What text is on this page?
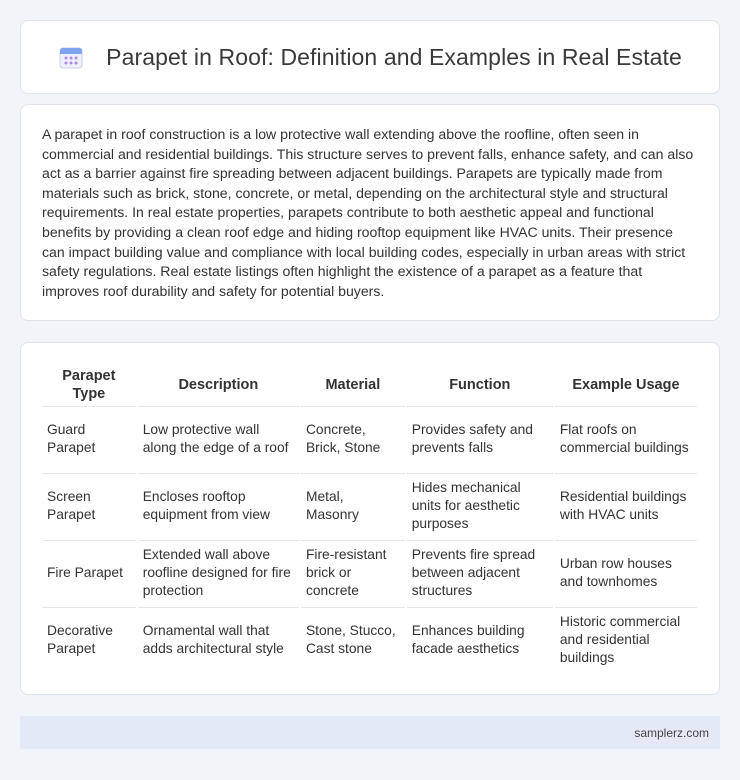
Parapet in Roof: Definition and Examples in Real Estate

A parapet in roof construction is a low protective wall extending above the roofline, often seen in commercial and residential buildings. This structure serves to prevent falls, enhance safety, and can also act as a barrier against fire spreading between adjacent buildings. Parapets are typically made from materials such as brick, stone, concrete, or metal, depending on the architectural style and structural requirements. In real estate properties, parapets contribute to both aesthetic appeal and functional benefits by providing a clean roof edge and hiding rooftop equipment like HVAC units. Their presence can impact building value and compliance with local building codes, especially in urban areas with strict safety regulations. Real estate listings often highlight the existence of a parapet as a feature that improves roof durability and safety for potential buyers.

Parapet Type	Description	Material	Function	Example Usage
Guard Parapet	Low protective wall along the edge of a roof	Concrete, Brick, Stone	Provides safety and prevents falls	Flat roofs on commercial buildings
Screen Parapet	Encloses rooftop equipment from view	Metal, Masonry	Hides mechanical units for aesthetic purposes	Residential buildings with HVAC units
Fire Parapet	Extended wall above roofline designed for fire protection	Fire-resistant brick or concrete	Prevents fire spread between adjacent structures	Urban row houses and townhomes
Decorative Parapet	Ornamental wall that adds architectural style	Stone, Stucco, Cast stone	Enhances building facade aesthetics	Historic commercial and residential buildings
samplerz.com
